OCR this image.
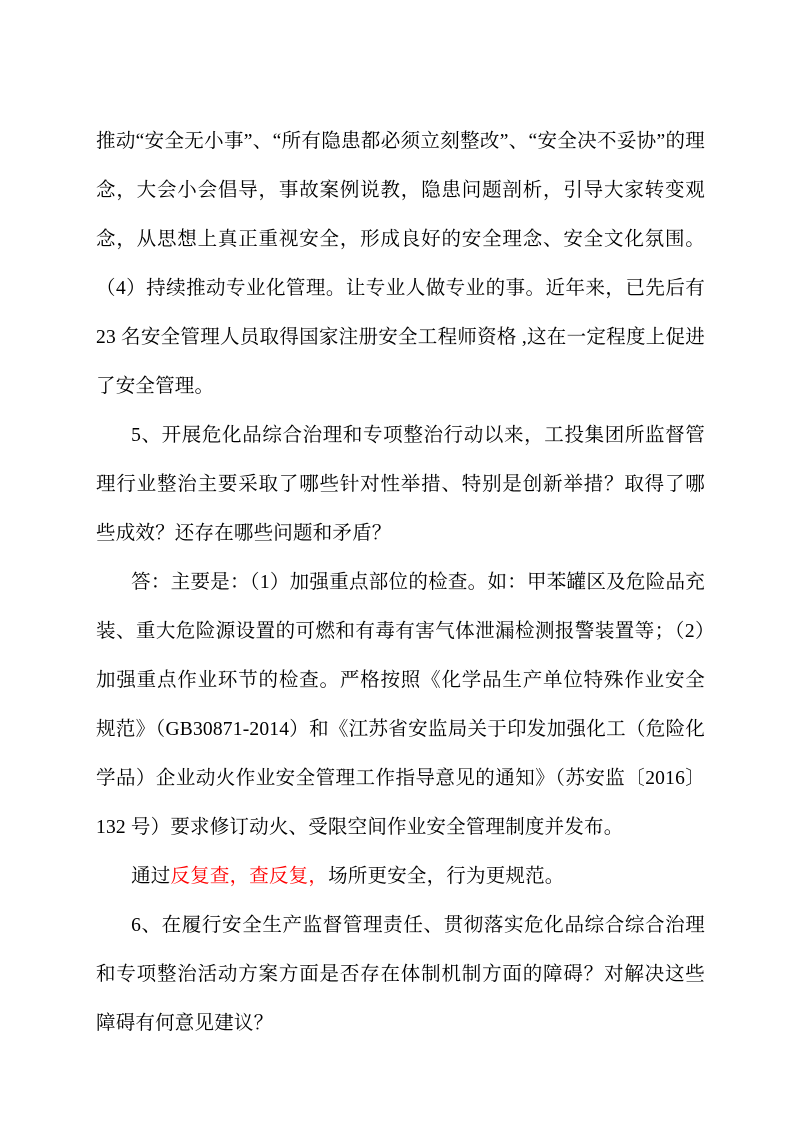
推动“安全无小事”、“所有隐患都必须立刻整改”、“安全决不妥协”的理念，大会小会倡导，事故案例说教，隐患问题剖析，引导大家转变观念，从思想上真正重视安全，形成良好的安全理念、安全文化氛围。（4）持续推动专业化管理。让专业人做专业的事。近年来，已先后有 23 名安全管理人员取得国家注册安全工程师资格 ,这在一定程度上促进了安全管理。

5、开展危化品综合治理和专项整治行动以来，工投集团所监督管理行业整治主要采取了哪些针对性举措、特别是创新举措？取得了哪些成效？还存在哪些问题和矛盾？

答：主要是：（1）加强重点部位的检查。如：甲苯罐区及危险品充装、重大危险源设置的可燃和有毒有害气体泄漏检测报警装置等；（2）加强重点作业环节的检查。严格按照《化学品生产单位特殊作业安全规范》（GB30871-2014）和《江苏省安监局关于印发加强化工（危险化学品）企业动火作业安全管理工作指导意见的通知》（苏安监〔2016〕132 号）要求修订动火、受限空间作业安全管理制度并发布。

通过反复查，查反复，场所更安全，行为更规范。

6、在履行安全生产监督管理责任、贯彻落实危化品综合综合治理和专项整治活动方案方面是否存在体制机制方面的障碍？对解决这些障碍有何意见建议？
